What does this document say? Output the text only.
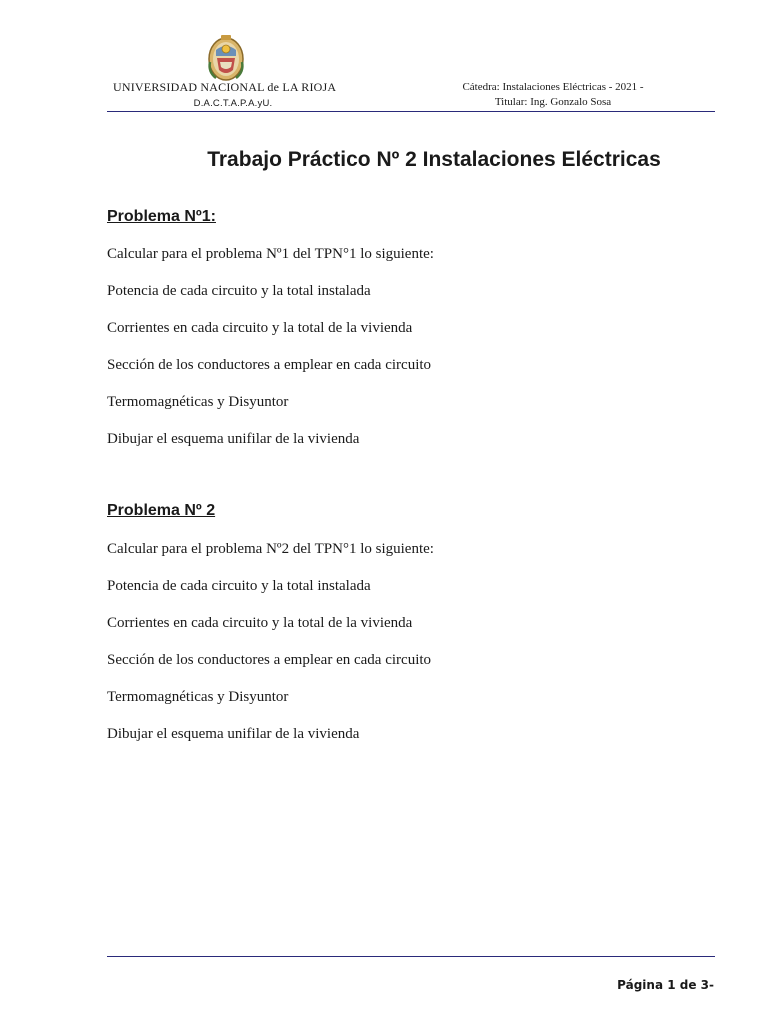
UNIVERSIDAD NACIONAL de LA RIOJA
D.A.C.T.A.P.A.yU.
Cátedra: Instalaciones Eléctricas - 2021 -
Titular: Ing. Gonzalo Sosa
Trabajo Práctico Nº 2 Instalaciones Eléctricas
Problema Nº1:
Calcular para el problema Nº1 del TPN°1 lo siguiente:
Potencia de cada circuito y la total instalada
Corrientes en cada circuito y la total de la vivienda
Sección de los conductores a emplear en cada circuito
Termomagnéticas y Disyuntor
Dibujar el esquema unifilar de la vivienda
Problema Nº 2
Calcular para el problema Nº2 del TPN°1 lo siguiente:
Potencia de cada circuito y la total instalada
Corrientes en cada circuito y la total de la vivienda
Sección de los conductores a emplear en cada circuito
Termomagnéticas y Disyuntor
Dibujar el esquema unifilar de la vivienda
Página 1 de 3-
